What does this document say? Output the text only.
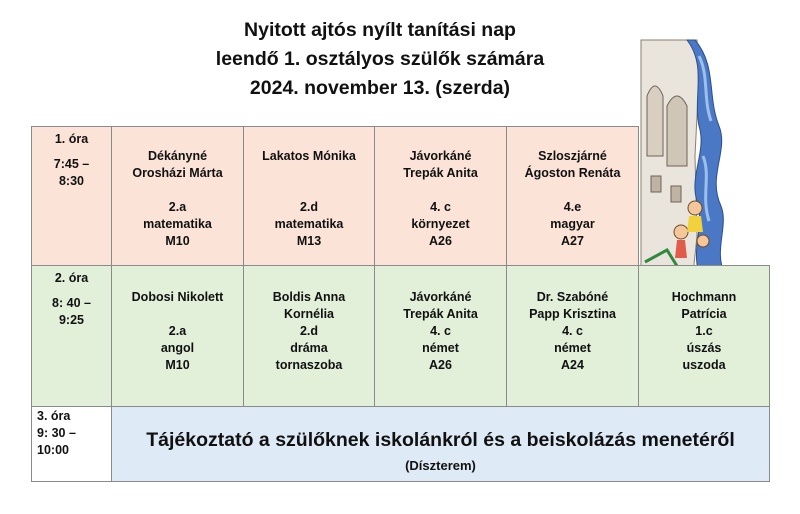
Nyitott ajtós nyílt tanítási nap
leendő 1. osztályos szülők számára
2024. november 13. (szerda)
1. óra
7:45 –
8:30
Dékányné
Orosházi Márta
2.a
matematika
M10
Lakatos Mónika

2.d
matematika
M13
Jávorkáné
Trepák Anita
4. c
környezet
A26
Szloszjárné
Ágoston Renáta
4.e
magyar
A27
2. óra
8: 40 –
9:25
Dobosi Nikolett

2.a
angol
M10
Boldis Anna
Kornélia
2.d
dráma
tornaszoba
Jávorkáné
Trepák Anita
4. c
német
A26
Dr. Szabóné
Papp Krisztina
4. c
német
A24
Hochmann
Patrícia
1.c
úszás
uszoda
3. óra
9: 30 –
10:00	Tájékoztató a szülőknek iskolánkról és a beiskolázás menetéről
(Díszterem)
